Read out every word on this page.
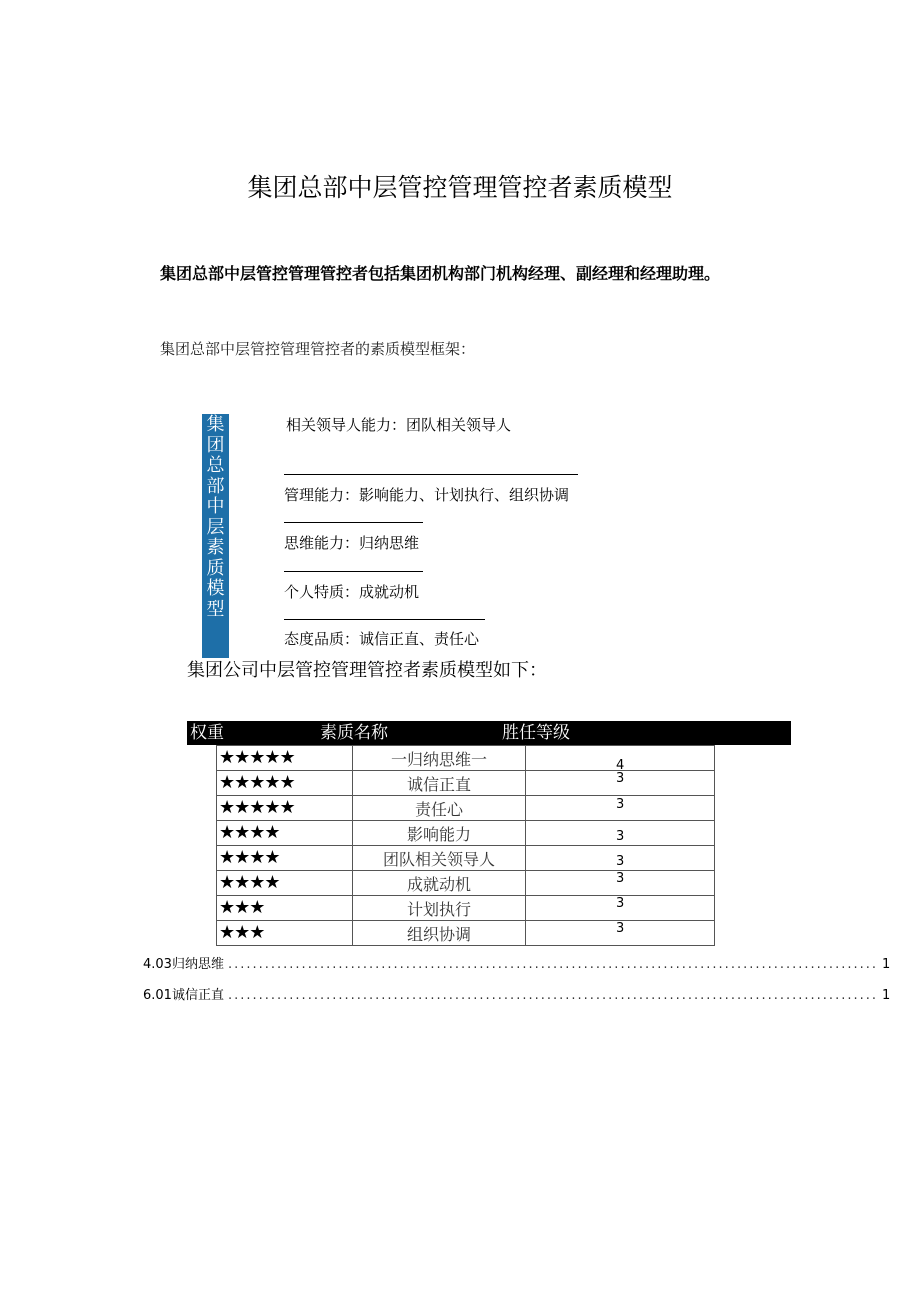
集团总部中层管控管理管控者素质模型
集团总部中层管控管理管控者包括集团机构部门机构经理、副经理和经理助理。
集团总部中层管控管理管控者的素质模型框架：
集
团
总
部
中
层
素
质
模
型
相关领导人能力：团队相关领导人
管理能力：影响能力、计划执行、组织协调
思维能力：归纳思维
个人特质：成就动机
态度品质：诚信正直、责任心
集团公司中层管控管理管控者素质模型如下：
权重	素质名称	胜任等级
★★★★★	一归纳思维一	4

★★★★★	诚信正直	3

★★★★★	责任心	3

★★★★	影响能力	3

★★★★	团队相关领导人	3

★★★★	成就动机	3

★★★	计划执行	3

★★★	组织协调	3
4.03 归纳思维 .......................................................................................................... 1
6.01 诚信正直 .......................................................................................................... 1
